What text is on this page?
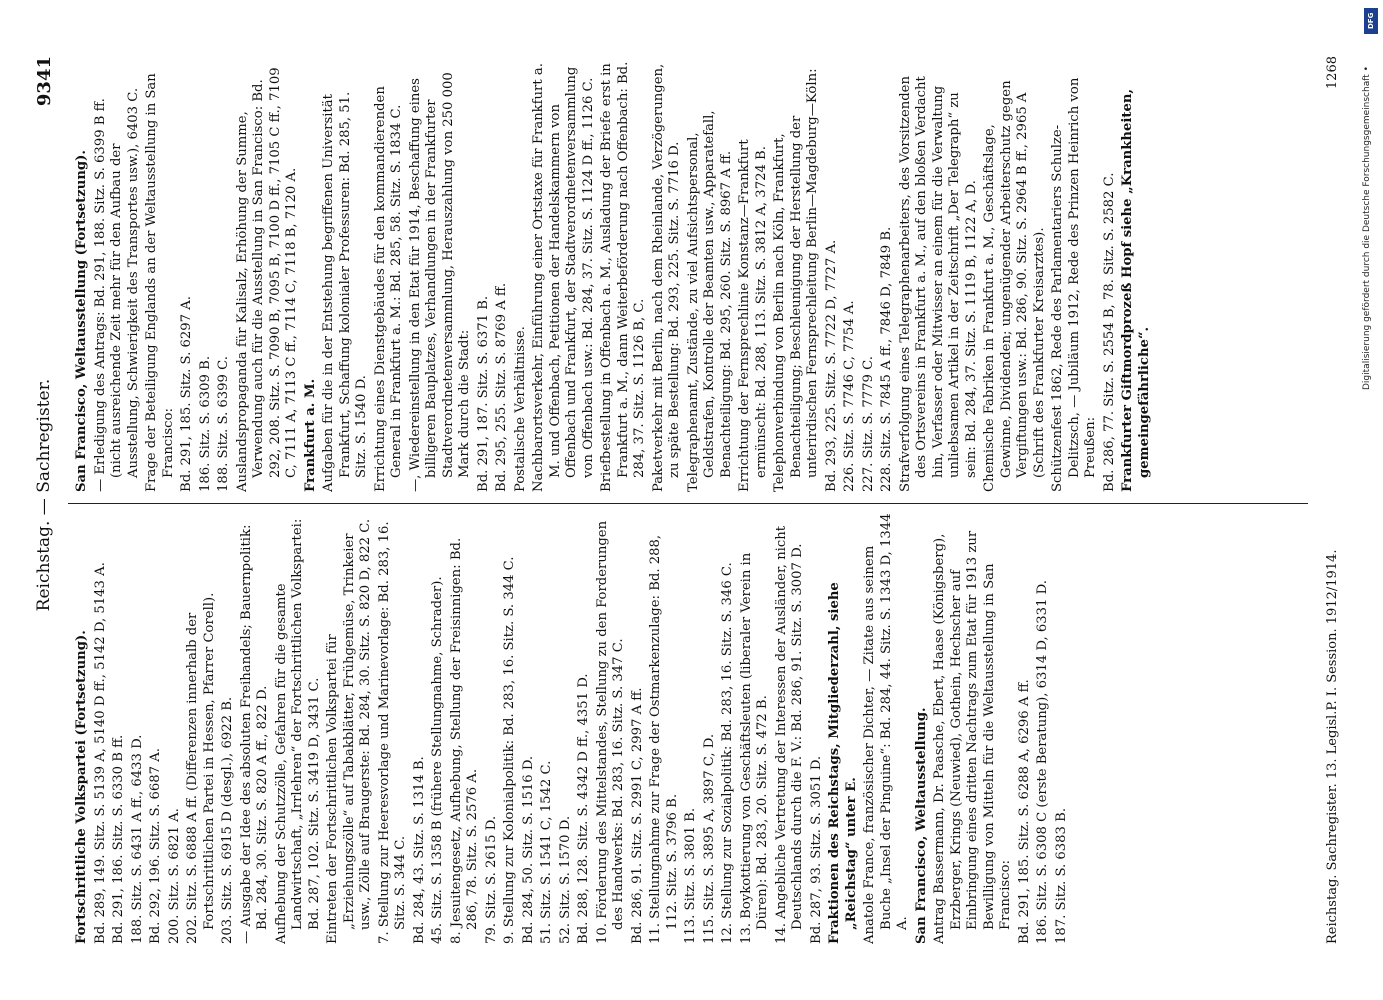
Reichstag. — Sachregister.
9341
Fortschrittliche Volkspartei (Fortsetzung). Bd. 289, 149. Sitz. S. 5139 A, 5140 D ff., 5142 D, 5143 A. Bd. 291, 186. Sitz. S. 6330 B ff. 188. Sitz. S. 6431 A ff., 6433 D. Bd. 292, 196. Sitz. S. 6687 A. 200. Sitz. S. 6821 A. 202. Sitz. S. 6888 A ff. (Differenzen innerhalb der Fortschrittlichen Partei in Hessen, Pfarrer Corell). 203. Sitz. S. 6915 D (desgl.), 6922 B. — Ausgabe der Idee des absoluten Freihandels; Bauernpolitik: Bd. 284, 30. Sitz. S. 820 A ff., 822 D. Aufhebung der Schutzzölle, Gefahren für die gesamte Landwirtschaft, „Irrlehren“ der Fortschrittlichen Volkspartei: Bd. 287, 102. Sitz. S. 3419 D, 3431 C. Eintreten der Fortschrittlichen Volkspartei für „Erziehungszölle“ auf Tabakblätter, Frühgemüse, Trinkeier usw., Zölle auf Braugerste: Bd. 284, 30. Sitz. S. 820 D, 822 C. 7. Stellung zur Heeresvorlage und Marinevorlage: Bd. 283, 16. Sitz. S. 344 C. Bd. 284, 43. Sitz. S. 1314 B. 45. Sitz. S. 1358 B (frühere Stellungnahme, Schrader). 8. Jesuitengesetz, Aufhebung, Stellung der Freisinnigen: Bd. 286, 78. Sitz. S. 2576 A. 79. Sitz. S. 2615 D. 9. Stellung zur Kolonialpolitik: Bd. 283, 16. Sitz. S. 344 C. Bd. 284, 50. Sitz. S. 1516 D. 51. Sitz. S. 1541 C, 1542 C. 52. Sitz. S. 1570 D. Bd. 288, 128. Sitz. S. 4342 D ff., 4351 D. 10. Förderung des Mittelstandes, Stellung zu den Forderungen des Handwerks: Bd. 283, 16. Sitz. S. 347 C. Bd. 286, 91. Sitz. S. 2991 C, 2997 A ff. 11. Stellungnahme zur Frage der Ostmarkenzulage: Bd. 288, 112. Sitz. S. 3796 B. 113. Sitz. S. 3801 B. 115. Sitz. S. 3895 A, 3897 C, D. 12. Stellung zur Sozialpolitik: Bd. 283, 16. Sitz. S. 346 C. 13. Boykottierung von Geschäftsleuten (liberaler Verein in Düren): Bd. 283, 20. Sitz. S. 472 B. 14. Angebliche Vertretung der Interessen der Ausländer, nicht Deutschlands durch die F. V.: Bd. 286, 91. Sitz. S. 3007 D. Bd. 287, 93. Sitz. S. 3051 D. Fraktionen des Reichstags, Mitgliederzahl, siehe „Reichstag“ unter E. Anatole France, französischer Dichter, — Zitate aus seinem Buche „Insel der Pinguine“: Bd. 284, 44. Sitz. S. 1343 D, 1344 A. San Francisco, Weltausstellung. Antrag Bassermann, Dr. Paasche, Ebert, Haase (Königsberg), Erzberger, Krings (Neuwied), Gothein, Hechscher auf Einbringung eines dritten Nachtrags zum Etat für 1913 zur Bewilligung von Mitteln für die Weltausstellung in San Francisco: Bd. 291, 185. Sitz. S. 6288 A, 6296 A ff. 186. Sitz. S. 6308 C (erste Beratung), 6314 D, 6331 D. 187. Sitz. S. 6383 B.
San Francisco, Weltausstellung (Fortsetzung). — Erledigung des Antrags: Bd. 291, 188. Sitz. S. 6399 B ff. (nicht ausreichende Zeit mehr für den Aufbau der Ausstellung, Schwierigkeit des Transportes usw.), 6403 C. Frage der Beteiligung Englands an der Weltausstellung in San Francisco: Bd. 291, 185. Sitz. S. 6297 A. 186. Sitz. S. 6309 B. 188. Sitz. S. 6399 C. Auslandspropaganda für Kalisalz, Erhöhung der Summe, Verwendung auch für die Ausstellung in San Francisco: Bd. 292, 208. Sitz. S. 7090 B, 7095 B, 7100 D ff., 7105 C ff., 7109 C, 7111 A, 7113 C ff., 7114 C, 7118 B, 7120 A. Frankfurt a. M. Aufgaben für die in der Entstehung begriffenen Universität Frankfurt, Schaffung kolonialer Professuren: Bd. 285, 51. Sitz. S. 1540 D. Errichtung eines Dienstgebäudes für den kommandierenden General in Frankfurt a. M.: Bd. 285, 58. Sitz. S. 1834 C. —, Wiedereinstellung in den Etat für 1914, Beschaffung eines billigeren Bauplatzes, Verhandlungen in der Frankfurter Stadtverordnetenversammlung, Herauszahlung von 250 000 Mark durch die Stadt: Bd. 291, 187. Sitz. S. 6371 B. Bd. 295, 255. Sitz. S. 8769 A ff. Postalische Verhältnisse. Nachbarortsverkehr, Einführung einer Ortstaxe für Frankfurt a. M. und Offenbach, Petitionen der Handelskammern von Offenbach und Frankfurt, der Stadtverordnetenversammlung von Offenbach usw.: Bd. 284, 37. Sitz. S. 1124 D ff., 1126 C. Briefbestellung in Offenbach a. M., Ausladung der Briefe erst in Frankfurt a. M., dann Weiterbeförderung nach Offenbach: Bd. 284, 37. Sitz. S. 1126 B, C. Paketverkehr mit Berlin, nach dem Rheinlande, Verzögerungen, zu späte Bestellung: Bd. 293, 225. Sitz. S. 7716 D. Telegraphenamt, Zustände, zu viel Aufsichtspersonal, Geldstrafen, Kontrolle der Beamten usw., Apparatefall, Benachteiligung: Bd. 295, 260. Sitz. S. 8967 A ff. Errichtung der Fernsprechlinie Konstanz—Frankfurt ermünscht: Bd. 288, 113. Sitz. S. 3812 A, 3724 B. Telephonverbindung von Berlin nach Köln, Frankfurt, Benachteiligung; Beschleunigung der Herstellung der unterirdischen Fernsprechleitung Berlin—Magdeburg—Köln: Bd. 293, 225. Sitz. S. 7722 D, 7727 A. 226. Sitz. S. 7746 C, 7754 A. 227. Sitz. S. 7779 C. 228. Sitz. S. 7845 A ff., 7846 D, 7849 B. Strafverfolgung eines Telegraphenarbeiters, des Vorsitzenden des Ortsvereins in Frankfurt a. M., auf den bloßen Verdacht hin, Verfasser oder Mitwisser an einem für die Verwaltung unliebsamen Artikel in der Zeitschrift „Der Telegraph“ zu sein: Bd. 284, 37. Sitz. S. 1119 B, 1122 A, D. Chemische Fabriken in Frankfurt a. M., Geschäftslage, Gewinne, Dividenden; ungenügender Arbeiterschutz gegen Vergiftungen usw.: Bd. 286, 90. Sitz. S. 2964 B ff., 2965 A (Schrift des Frankfurter Kreisarztes). Schützenfest 1862, Rede des Parlamentariers Schulze-Delitzsch, — Jubiläum 1912, Rede des Prinzen Heinrich von Preußen: Bd. 286, 77. Sitz. S. 2554 B, 78. Sitz. S. 2582 C. Frankfurter Giftmordprozeß Hopf siehe „Krankheiten, gemeingefährliche“.
Reichstag. Sachregister. 13. Legisl.P. I. Session. 1912/1914.
1268
DFG
Digitalisierung gefördert durch die Deutsche Forschungsgemeinschaft •
